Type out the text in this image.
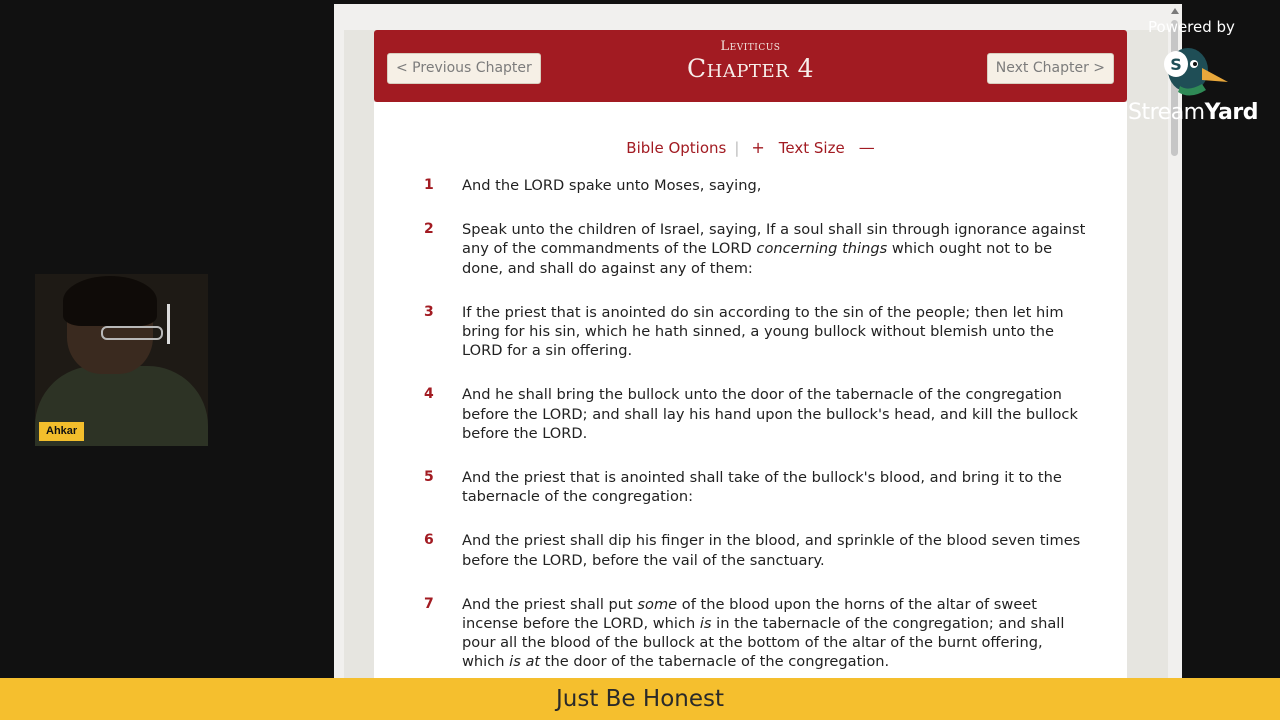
Ahkar
< Previous Chapter
Leviticus
Chapter 4	Next Chapter >
Bible Options | + Text Size —
1 And the LORD spake unto Moses, saying,
2 Speak unto the children of Israel, saying, If a soul shall sin through ignorance against any of the commandments of the LORD concerning things which ought not to be done, and shall do against any of them:
3 If the priest that is anointed do sin according to the sin of the people; then let him bring for his sin, which he hath sinned, a young bullock without blemish unto the LORD for a sin offering.
4 And he shall bring the bullock unto the door of the tabernacle of the congregation before the LORD; and shall lay his hand upon the bullock's head, and kill the bullock before the LORD.
5 And the priest that is anointed shall take of the bullock's blood, and bring it to the tabernacle of the congregation:
6 And the priest shall dip his finger in the blood, and sprinkle of the blood seven times before the LORD, before the vail of the sanctuary.
7 And the priest shall put some of the blood upon the horns of the altar of sweet incense before the LORD, which is in the tabernacle of the congregation; and shall pour all the blood of the bullock at the bottom of the altar of the burnt offering, which is at the door of the tabernacle of the congregation.
Powered by
S
StreamYard
Just Be Honest
